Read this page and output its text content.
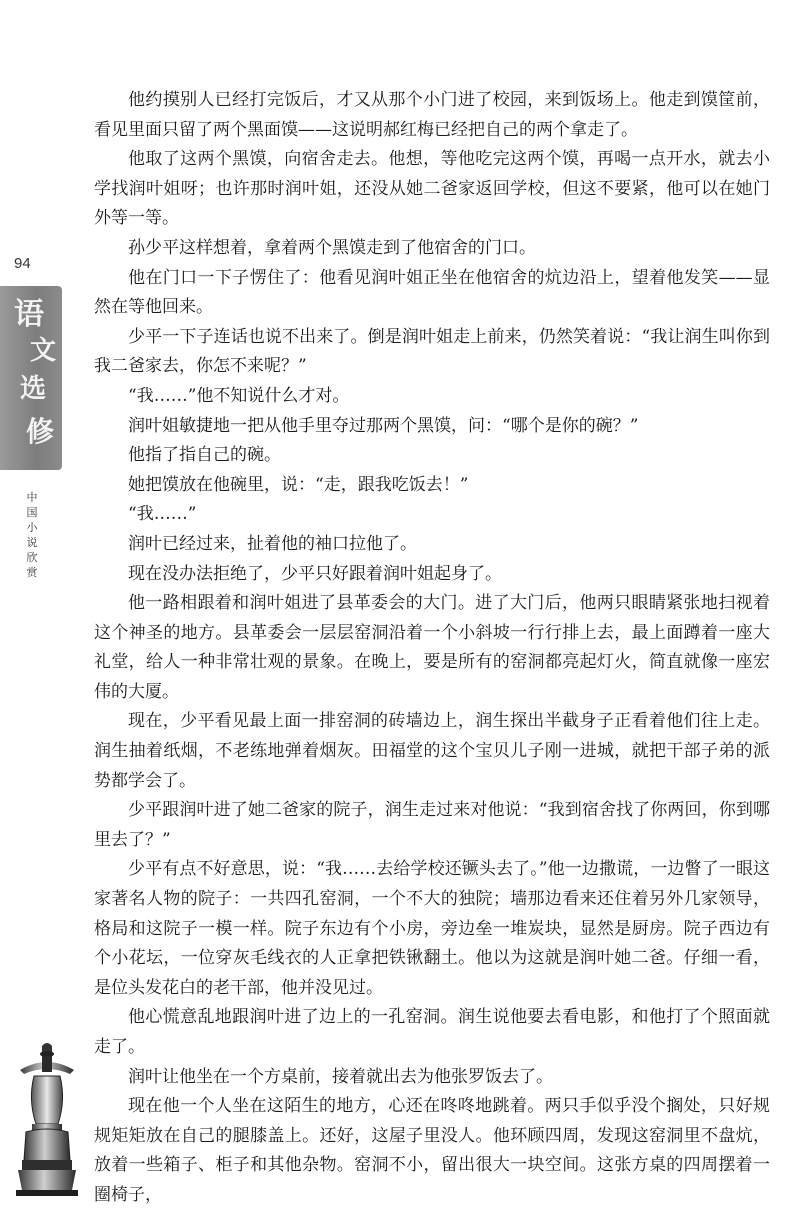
94
语
文
选
修
中国小说欣赏

他约摸别人已经打完饭后，才又从那个小门进了校园，来到饭场上。他走到馍筐前，看见里面只留了两个黑面馍——这说明郝红梅已经把自己的两个拿走了。

他取了这两个黑馍，向宿舍走去。他想，等他吃完这两个馍，再喝一点开水，就去小学找润叶姐呀；也许那时润叶姐，还没从她二爸家返回学校，但这不要紧，他可以在她门外等一等。

孙少平这样想着，拿着两个黑馍走到了他宿舍的门口。

他在门口一下子愣住了：他看见润叶姐正坐在他宿舍的炕边沿上，望着他发笑——显然在等他回来。

少平一下子连话也说不出来了。倒是润叶姐走上前来，仍然笑着说：“我让润生叫你到我二爸家去，你怎不来呢？”

“我……”他不知说什么才对。

润叶姐敏捷地一把从他手里夺过那两个黑馍，问：“哪个是你的碗？”

他指了指自己的碗。

她把馍放在他碗里，说：“走，跟我吃饭去！”

“我……”

润叶已经过来，扯着他的袖口拉他了。

现在没办法拒绝了，少平只好跟着润叶姐起身了。

他一路相跟着和润叶姐进了县革委会的大门。进了大门后，他两只眼睛紧张地扫视着这个神圣的地方。县革委会一层层窑洞沿着一个小斜坡一行行排上去，最上面蹲着一座大礼堂，给人一种非常壮观的景象。在晚上，要是所有的窑洞都亮起灯火，简直就像一座宏伟的大厦。

现在，少平看见最上面一排窑洞的砖墙边上，润生探出半截身子正看着他们往上走。润生抽着纸烟，不老练地弹着烟灰。田福堂的这个宝贝儿子刚一进城，就把干部子弟的派势都学会了。

少平跟润叶进了她二爸家的院子，润生走过来对他说：“我到宿舍找了你两回，你到哪里去了？”

少平有点不好意思，说：“我……去给学校还镢头去了。”他一边撒谎，一边瞥了一眼这家著名人物的院子：一共四孔窑洞，一个不大的独院；墙那边看来还住着另外几家领导，格局和这院子一模一样。院子东边有个小房，旁边垒一堆炭块，显然是厨房。院子西边有个小花坛，一位穿灰毛线衣的人正拿把铁锹翻土。他以为这就是润叶她二爸。仔细一看，是位头发花白的老干部，他并没见过。

他心慌意乱地跟润叶进了边上的一孔窑洞。润生说他要去看电影，和他打了个照面就走了。

润叶让他坐在一个方桌前，接着就出去为他张罗饭去了。

现在他一个人坐在这陌生的地方，心还在咚咚地跳着。两只手似乎没个搁处，只好规规矩矩放在自己的腿膝盖上。还好，这屋子里没人。他环顾四周，发现这窑洞里不盘炕，放着一些箱子、柜子和其他杂物。窑洞不小，留出很大一块空间。这张方桌的四周摆着一圈椅子，
